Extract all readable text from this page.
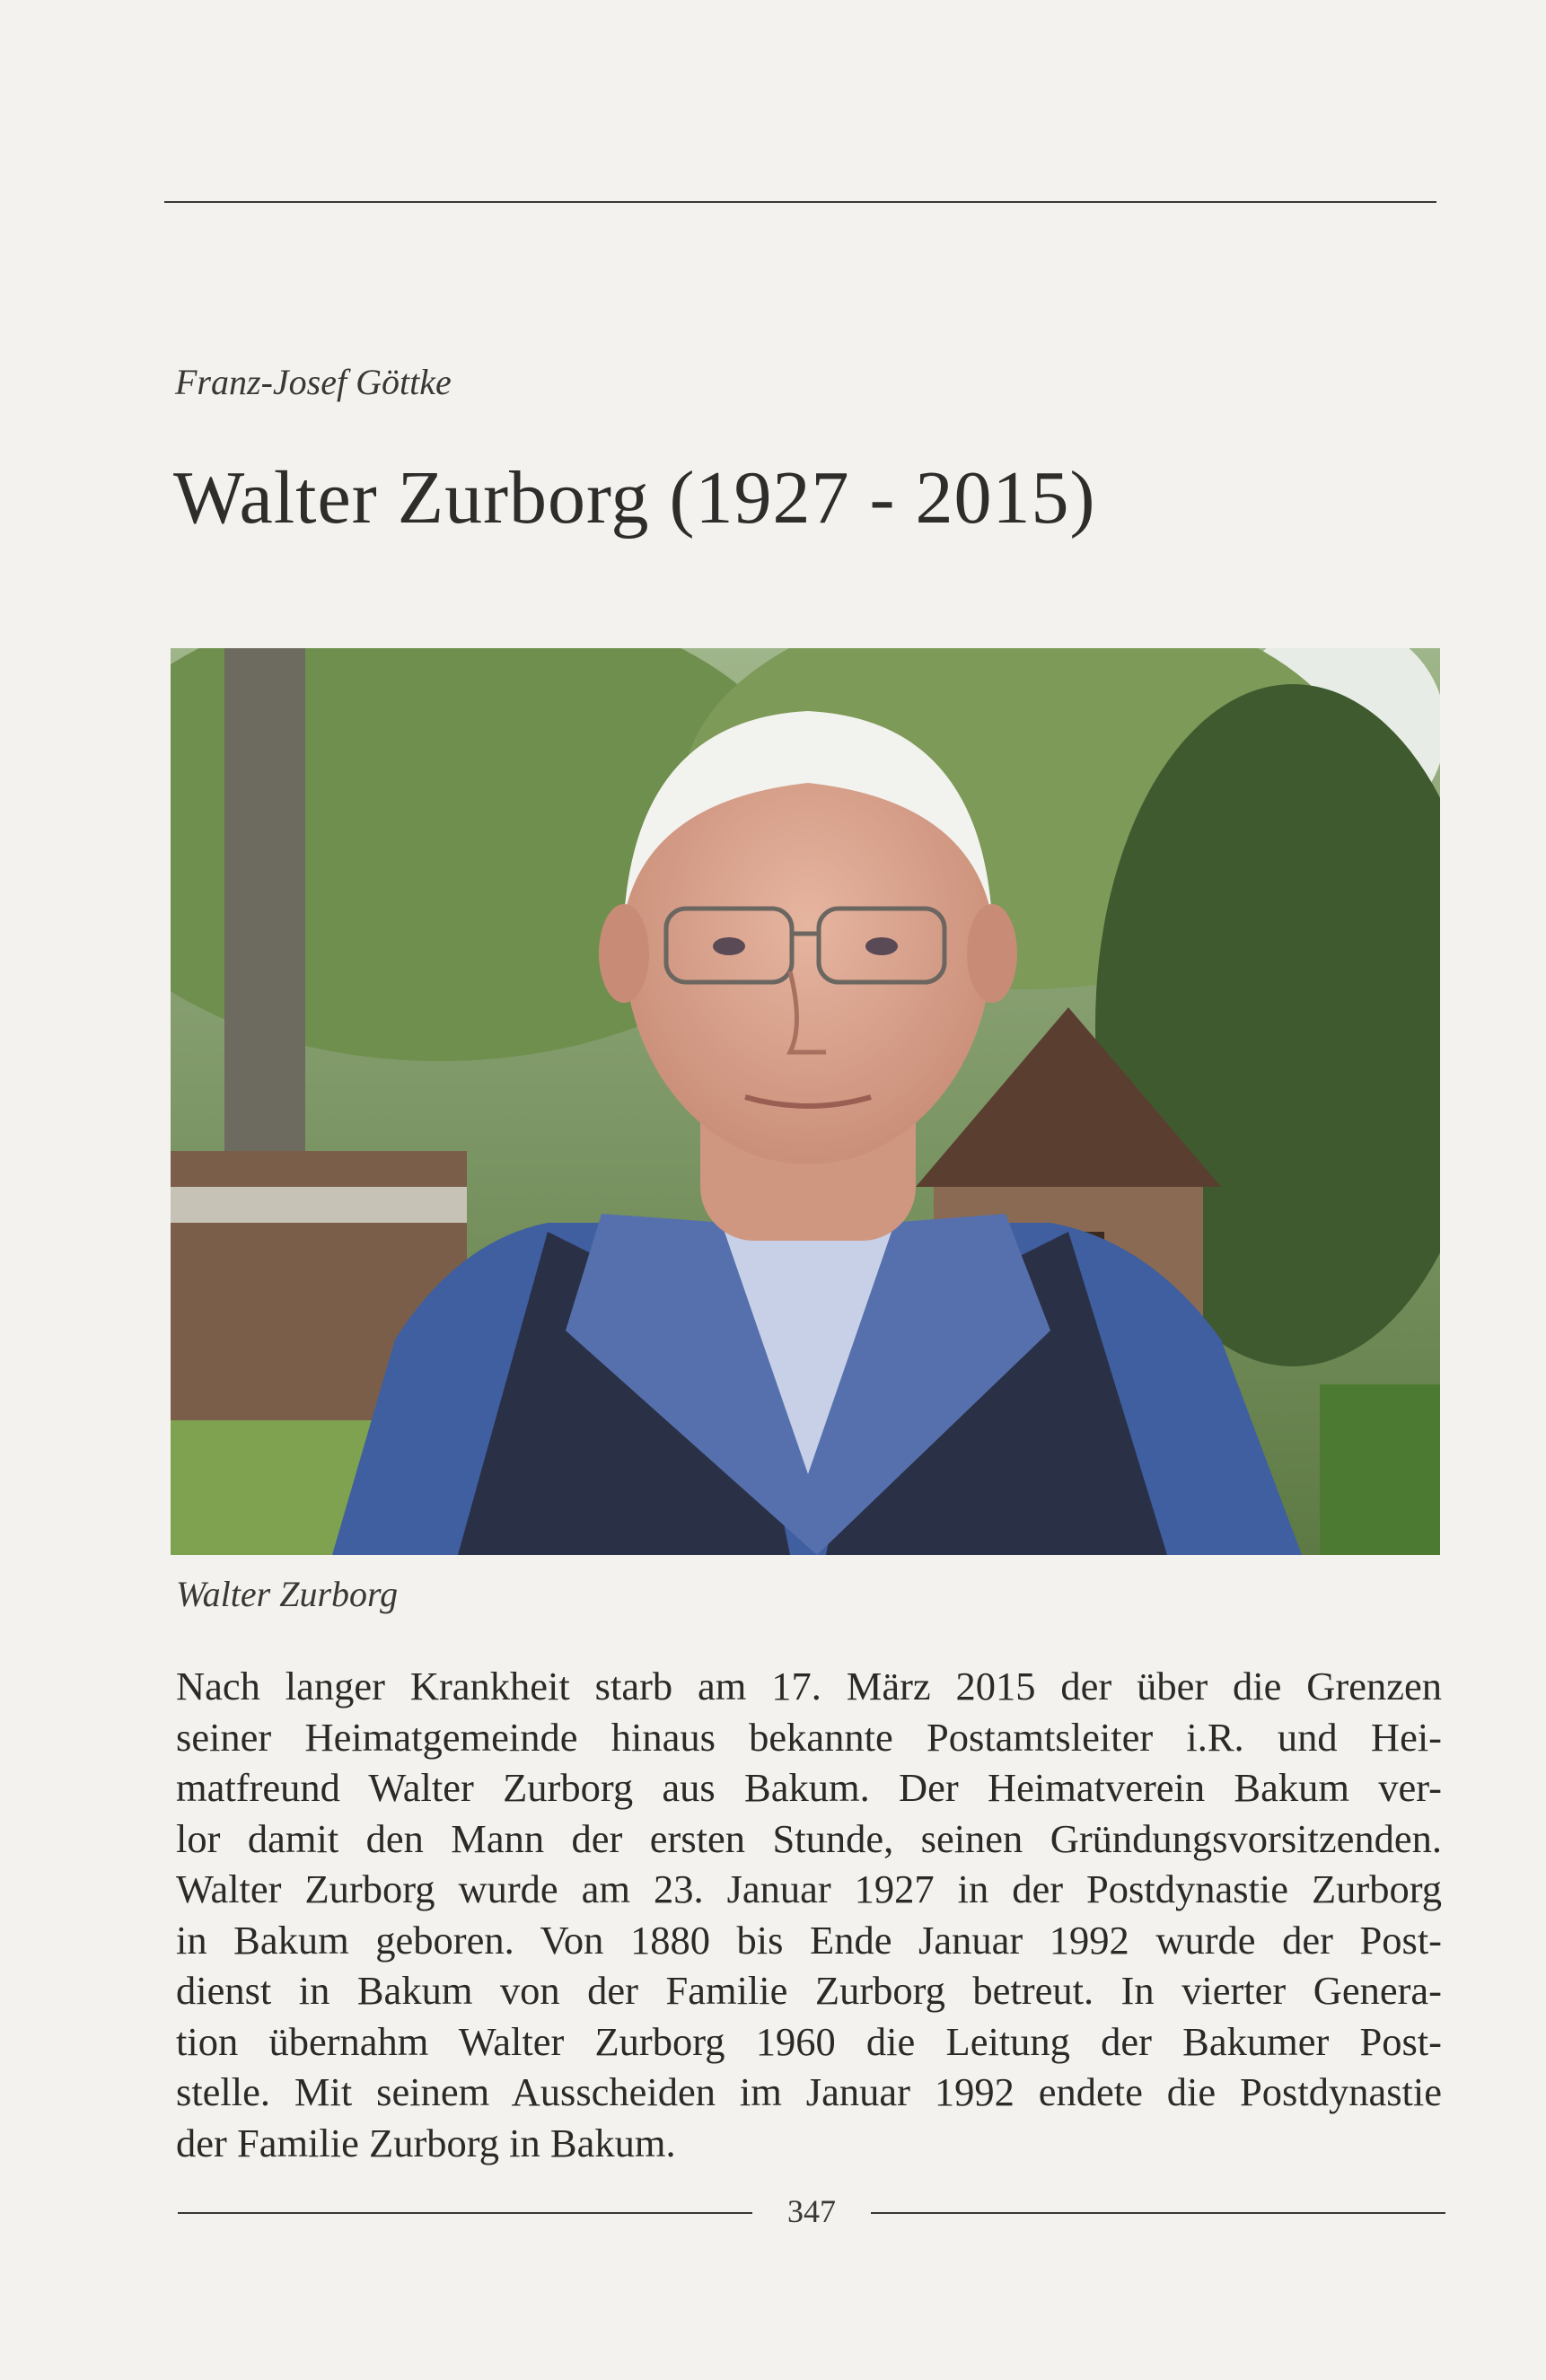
Franz-Josef Göttke
Walter Zurborg (1927 - 2015)
Walter Zurborg
Nach langer Krankheit starb am 17. März 2015 der über die Grenzen
seiner Heimatgemeinde hinaus bekannte Postamtsleiter i.R. und Hei-
matfreund Walter Zurborg aus Bakum. Der Heimatverein Bakum ver-
lor damit den Mann der ersten Stunde, seinen Gründungsvorsitzenden.
Walter Zurborg wurde am 23. Januar 1927 in der Postdynastie Zurborg
in Bakum geboren. Von 1880 bis Ende Januar 1992 wurde der Post-
dienst in Bakum von der Familie Zurborg betreut. In vierter Genera-
tion übernahm Walter Zurborg 1960 die Leitung der Bakumer Post-
stelle. Mit seinem Ausscheiden im Januar 1992 endete die Postdynastie
der Familie Zurborg in Bakum.
347
